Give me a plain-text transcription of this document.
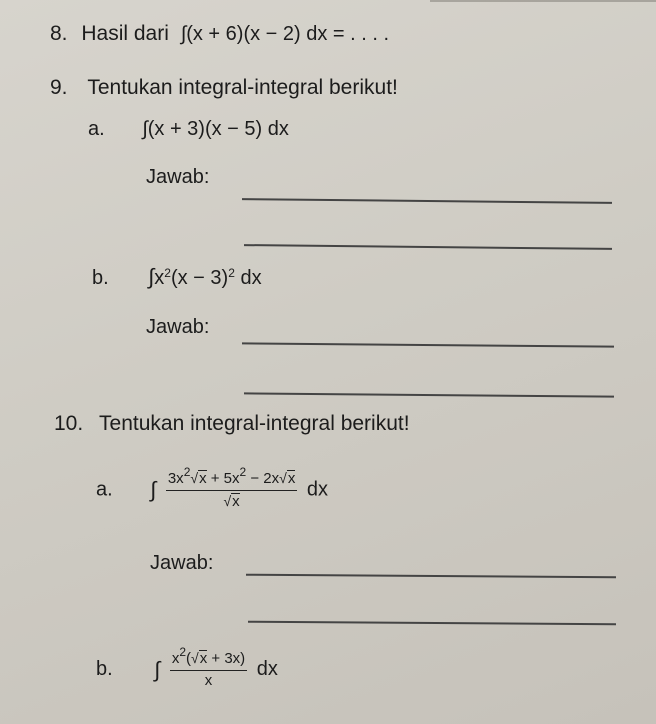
8. Hasil dari ∫(x + 6)(x − 2) dx = . . . .
9. Tentukan integral-integral berikut!
a. ∫(x + 3)(x − 5) dx
Jawab:
b. $\int x^2(x - 3)^2$ dx
Jawab:
10. Tentukan integral-integral berikut!
a. ∫ $\frac{3x^2√x + 5x^2 - 2x√x}{√x}$ dx
Jawab:
b. ∫ $\frac{x^2(√x + 3x)}{x}$ dx
